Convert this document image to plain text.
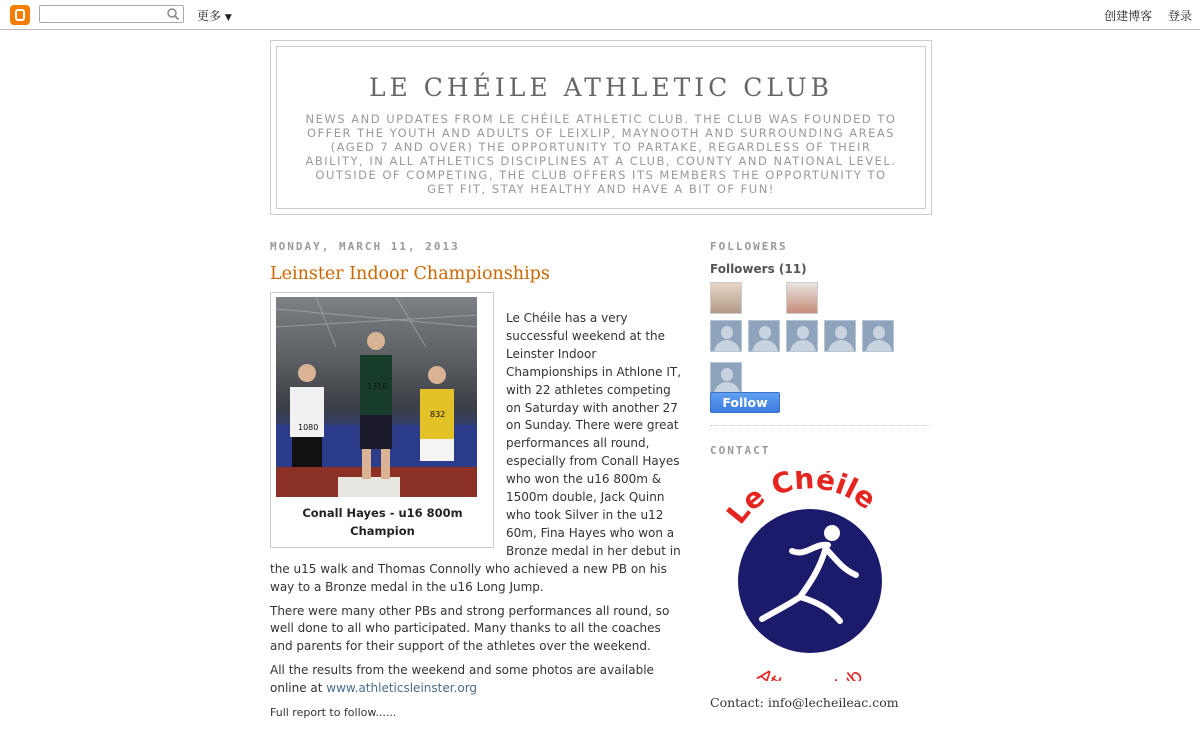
更多 ▼	创建博客 登录
LE CHÉILE ATHLETIC CLUB
NEWS AND UPDATES FROM LE CHÉILE ATHLETIC CLUB. THE CLUB WAS FOUNDED TO OFFER THE YOUTH AND ADULTS OF LEIXLIP, MAYNOOTH AND SURROUNDING AREAS (AGED 7 AND OVER) THE OPPORTUNITY TO PARTAKE, REGARDLESS OF THEIR ABILITY, IN ALL ATHLETICS DISCIPLINES AT A CLUB, COUNTY AND NATIONAL LEVEL. OUTSIDE OF COMPETING, THE CLUB OFFERS ITS MEMBERS THE OPPORTUNITY TO GET FIT, STAY HEALTHY AND HAVE A BIT OF FUN!
MONDAY, MARCH 11, 2013
Leinster Indoor Championships
1080
1316
832
Conall Hayes - u16 800m Champion

Le Chéile has a very successful weekend at the Leinster Indoor Championships in Athlone IT, with 22 athletes competing on Saturday with another 27 on Sunday. There were great performances all round, especially from Conall Hayes who won the u16 800m & 1500m double, Jack Quinn who took Silver in the u12 60m, Fina Hayes who won a Bronze medal in her debut in the u15 walk and Thomas Connolly who achieved a new PB on his way to a Bronze medal in the u16 Long Jump.

There were many other PBs and strong performances all round, so well done to all who participated. Many thanks to all the coaches and parents for their support of the athletes over the weekend.

All the results from the weekend and some photos are available online at www.athleticsleinster.org

Full report to follow......

FOLLOWERS
Followers (11)
Follow
CONTACT
Le Chéile
A b
Contact: info@lecheileac.com
